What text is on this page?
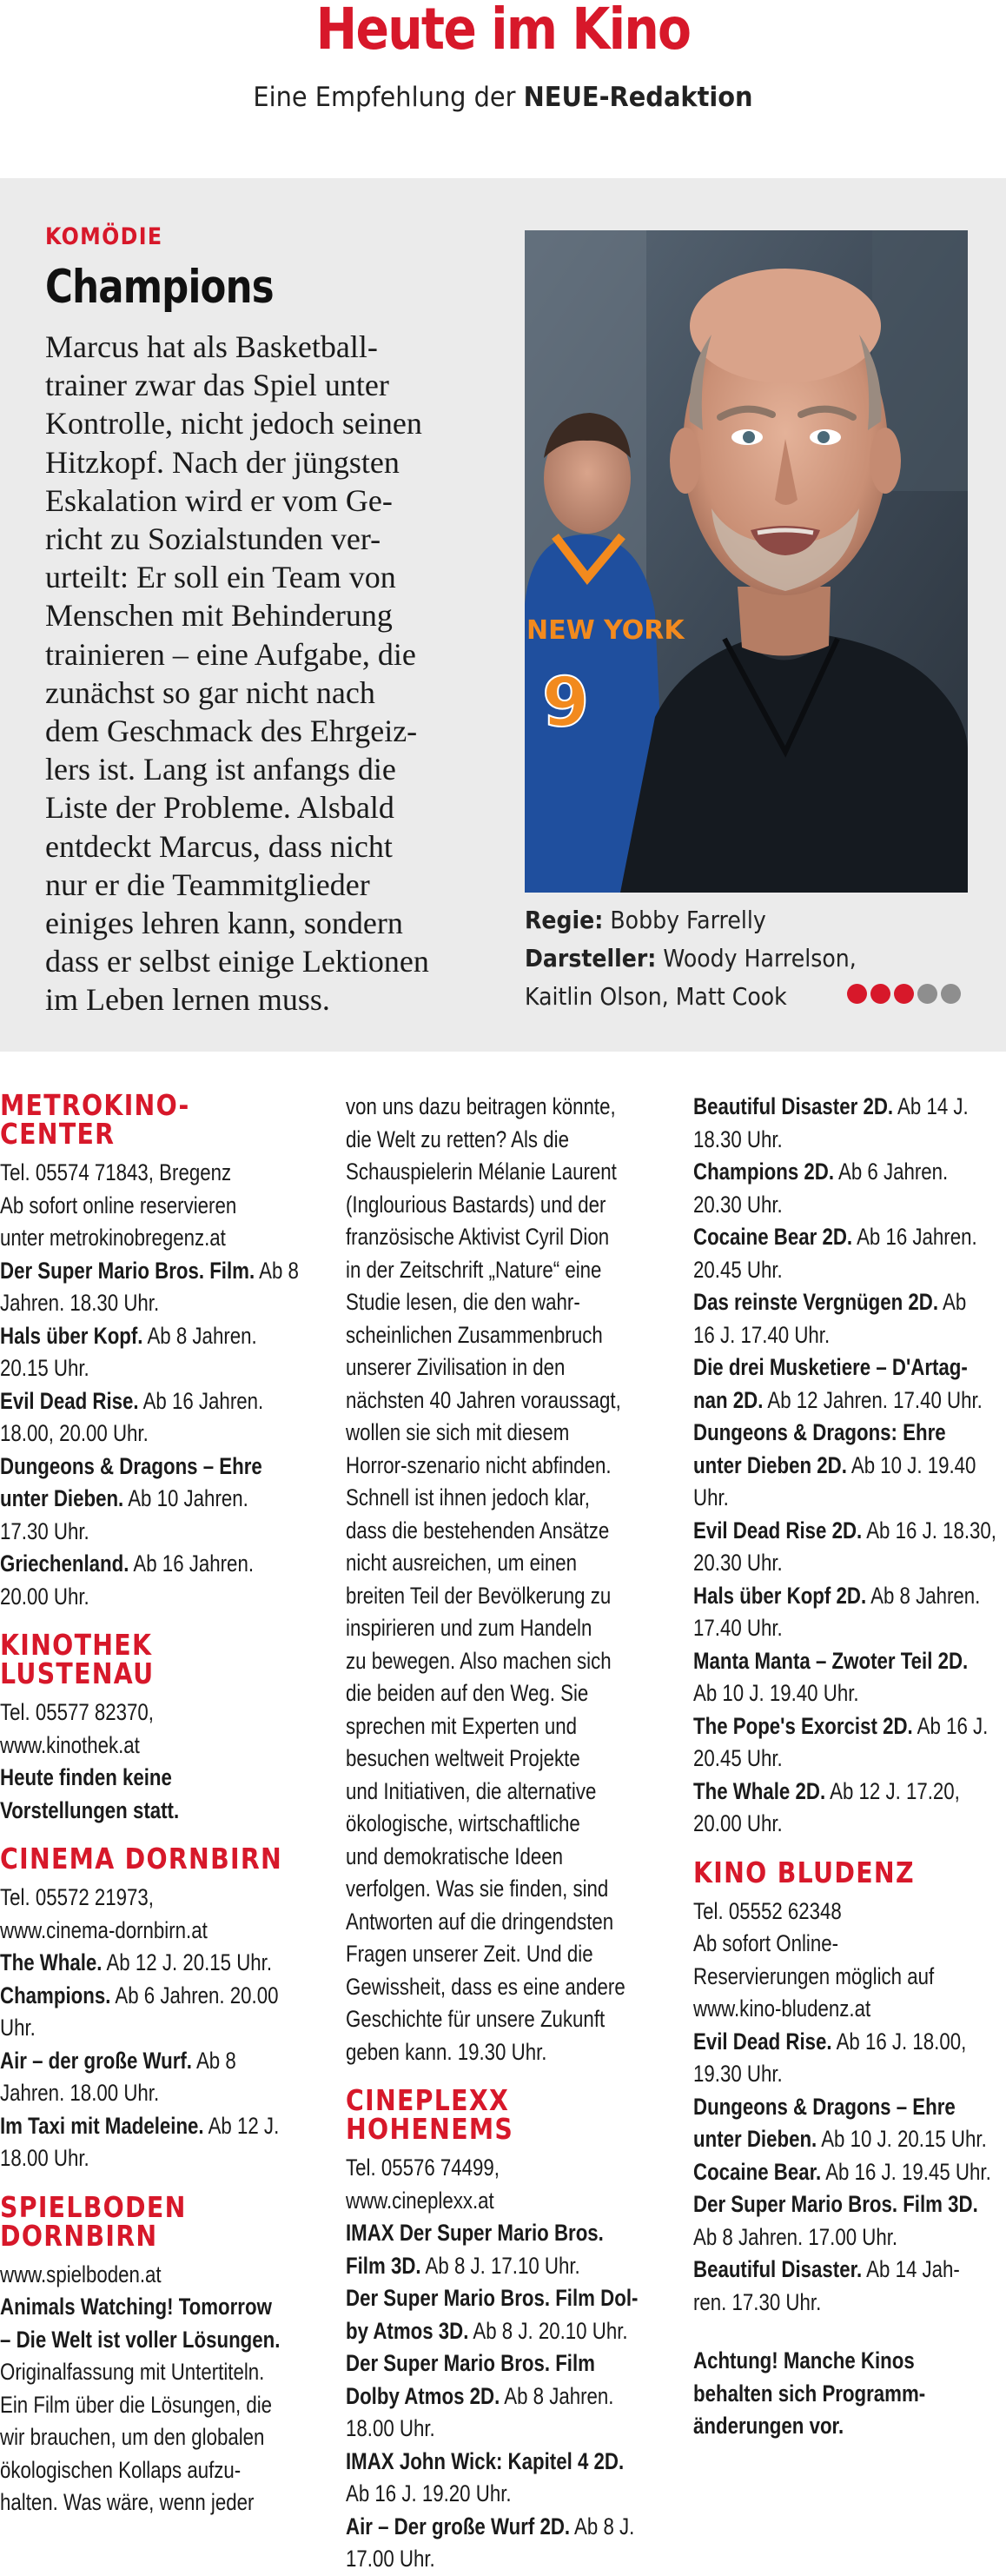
Heute im Kino
Eine Empfehlung der NEUE-Redaktion
KOMÖDIE
Champions
Marcus hat als Basketball-
trainer zwar das Spiel unter
Kontrolle, nicht jedoch seinen
Hitzkopf. Nach der jüngsten
Eskalation wird er vom Ge-
richt zu Sozialstunden ver-
urteilt: Er soll ein Team von
Menschen mit Behinderung
trainieren – eine Aufgabe, die
zunächst so gar nicht nach
dem Geschmack des Ehrgeiz-
lers ist. Lang ist anfangs die
Liste der Probleme. Alsbald
entdeckt Marcus, dass nicht
nur er die Teammitglieder
einiges lehren kann, sondern
dass er selbst einige Lektionen
im Leben lernen muss.
NEW YORK
9
Regie: Bobby Farrelly
Darsteller: Woody Harrelson,
Kaitlin Olson, Matt Cook
METROKINO-
CENTER
Tel. 05574 71843, Bregenz
Ab sofort online reservieren
unter metrokinobregenz.at
Der Super Mario Bros. Film. Ab 8
Jahren. 18.30 Uhr.
Hals über Kopf. Ab 8 Jahren.
20.15 Uhr.
Evil Dead Rise. Ab 16 Jahren.
18.00, 20.00 Uhr.
Dungeons & Dragons – Ehre
unter Dieben. Ab 10 Jahren.
17.30 Uhr.
Griechenland. Ab 16 Jahren.
20.00 Uhr.
KINOTHEK
LUSTENAU
Tel. 05577 82370,
www.kinothek.at
Heute finden keine
Vorstellungen statt.
CINEMA DORNBIRN
Tel. 05572 21973,
www.cinema-dornbirn.at
The Whale. Ab 12 J. 20.15 Uhr.
Champions. Ab 6 Jahren. 20.00
Uhr.
Air – der große Wurf. Ab 8
Jahren. 18.00 Uhr.
Im Taxi mit Madeleine. Ab 12 J.
18.00 Uhr.
SPIELBODEN
DORNBIRN
www.spielboden.at
Animals Watching! Tomorrow
– Die Welt ist voller Lösungen.
Originalfassung mit Untertiteln.
Ein Film über die Lösungen, die
wir brauchen, um den globalen
ökologischen Kollaps aufzu-
halten. Was wäre, wenn jeder
von uns dazu beitragen könnte,
die Welt zu retten? Als die
Schauspielerin Mélanie Laurent
(Inglourious Bastards) und der
französische Aktivist Cyril Dion
in der Zeitschrift „Nature“ eine
Studie lesen, die den wahr-
scheinlichen Zusammenbruch
unserer Zivilisation in den
nächsten 40 Jahren voraussagt,
wollen sie sich mit diesem
Horror-szenario nicht abfinden.
Schnell ist ihnen jedoch klar,
dass die bestehenden Ansätze
nicht ausreichen, um einen
breiten Teil der Bevölkerung zu
inspirieren und zum Handeln
zu bewegen. Also machen sich
die beiden auf den Weg. Sie
sprechen mit Experten und
besuchen weltweit Projekte
und Initiativen, die alternative
ökologische, wirtschaftliche
und demokratische Ideen
verfolgen. Was sie finden, sind
Antworten auf die dringendsten
Fragen unserer Zeit. Und die
Gewissheit, dass es eine andere
Geschichte für unsere Zukunft
geben kann. 19.30 Uhr.
CINEPLEXX
HOHENEMS
Tel. 05576 74499,
www.cineplexx.at
IMAX Der Super Mario Bros.
Film 3D. Ab 8 J. 17.10 Uhr.
Der Super Mario Bros. Film Dol-
by Atmos 3D. Ab 8 J. 20.10 Uhr.
Der Super Mario Bros. Film
Dolby Atmos 2D. Ab 8 Jahren.
18.00 Uhr.
IMAX John Wick: Kapitel 4 2D.
Ab 16 J. 19.20 Uhr.
Air – Der große Wurf 2D. Ab 8 J.
17.00 Uhr.
Beautiful Disaster 2D. Ab 14 J.
18.30 Uhr.
Champions 2D. Ab 6 Jahren.
20.30 Uhr.
Cocaine Bear 2D. Ab 16 Jahren.
20.45 Uhr.
Das reinste Vergnügen 2D. Ab
16 J. 17.40 Uhr.
Die drei Musketiere – D'Artag-
nan 2D. Ab 12 Jahren. 17.40 Uhr.
Dungeons & Dragons: Ehre
unter Dieben 2D. Ab 10 J. 19.40
Uhr.
Evil Dead Rise 2D. Ab 16 J. 18.30,
20.30 Uhr.
Hals über Kopf 2D. Ab 8 Jahren.
17.40 Uhr.
Manta Manta – Zwoter Teil 2D.
Ab 10 J. 19.40 Uhr.
The Pope's Exorcist 2D. Ab 16 J.
20.45 Uhr.
The Whale 2D. Ab 12 J. 17.20,
20.00 Uhr.
KINO BLUDENZ
Tel. 05552 62348
Ab sofort Online-
Reservierungen möglich auf
www.kino-bludenz.at
Evil Dead Rise. Ab 16 J. 18.00,
19.30 Uhr.
Dungeons & Dragons – Ehre
unter Dieben. Ab 10 J. 20.15 Uhr.
Cocaine Bear. Ab 16 J. 19.45 Uhr.
Der Super Mario Bros. Film 3D.
Ab 8 Jahren. 17.00 Uhr.
Beautiful Disaster. Ab 14 Jah-
ren. 17.30 Uhr.
Achtung! Manche Kinos
behalten sich Programm-
änderungen vor.
